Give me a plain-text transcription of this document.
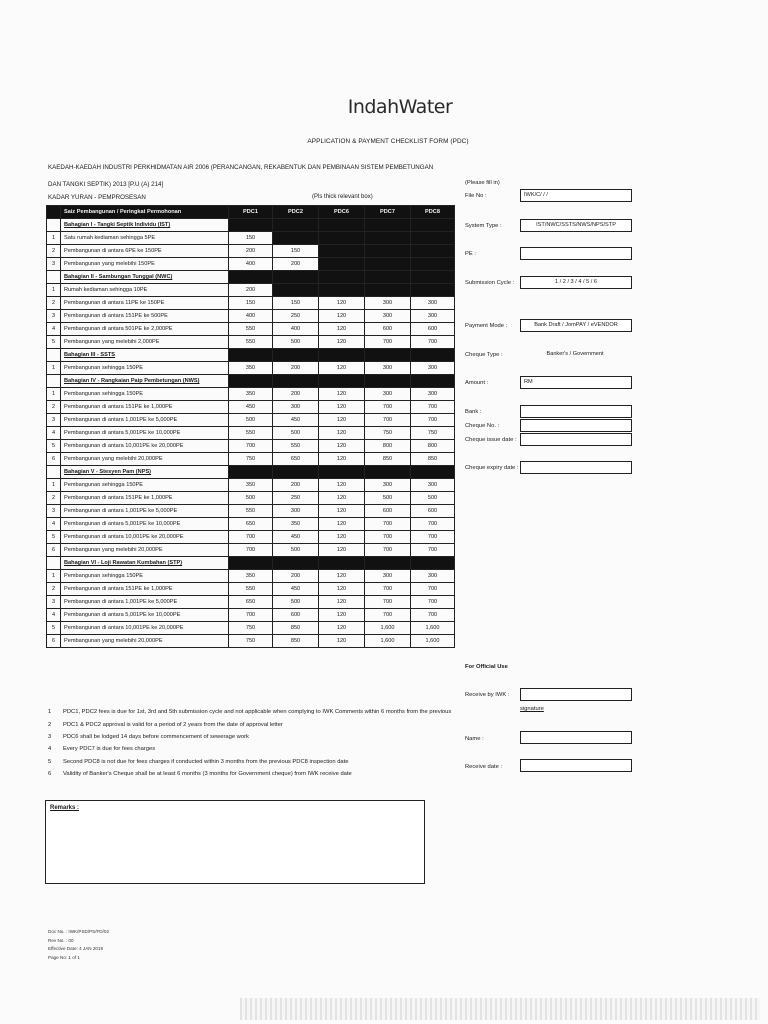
IndahWater
APPLICATION & PAYMENT CHECKLIST FORM (PDC)
KAEDAH-KAEDAH INDUSTRI PERKHIDMATAN AIR 2006 (PERANCANGAN, REKABENTUK DAN PEMBINAAN SISTEM PEMBETUNGAN
DAN TANGKI SEPTIK) 2013 [P.U (A) 214]
KADAR YURAN - PEMPROSESAN	(Pls thick relevant box)
	Saiz Pembangunan / Peringkat Permohonan	PDC1	PDC2	PDC6	PDC7	PDC8
	Bahagian I - Tangki Septik Individu (IST)					
1	Satu rumah kediaman sehingga 5PE	150				
2	Pembangunan di antara 6PE ke 150PE	200	150			
3	Pembangunan yang melebihi 150PE	400	200			
	Bahagian II - Sambungan Tunggal (NWC)					
1	Rumah kediaman sehingga 10PE	200				
2	Pembangunan di antara 11PE ke 150PE	150	150	120	300	300
3	Pembangunan di antara 151PE ke 500PE	400	250	120	300	300
4	Pembangunan di antara 501PE ke 2,000PE	550	400	120	600	600
5	Pembangunan yang melebihi 2,000PE	550	500	120	700	700
	Bahagian III - SSTS					
1	Pembangunan sehingga 150PE	350	200	120	300	300
	Bahagian IV - Rangkaian Paip Pembetungan (NWS)					
1	Pembangunan sehingga 150PE	350	200	120	300	300
2	Pembangunan di antara 151PE ke 1,000PE	450	300	120	700	700
3	Pembangunan di antara 1,001PE ke 5,000PE	500	450	120	700	700
4	Pembangunan di antara 5,001PE ke 10,000PE	550	500	120	750	750
5	Pembangunan di antara 10,001PE ke 20,000PE	700	550	120	800	800
6	Pembangunan yang melebihi 20,000PE	750	650	120	850	850
	Bahagian V - Stesyen Pam (NPS)					
1	Pembangunan sehingga 150PE	350	200	120	300	300
2	Pembangunan di antara 151PE ke 1,000PE	500	250	120	500	500
3	Pembangunan di antara 1,001PE ke 5,000PE	550	300	120	600	600
4	Pembangunan di antara 5,001PE ke 10,000PE	650	350	120	700	700
5	Pembangunan di antara 10,001PE ke 20,000PE	700	450	120	700	700
6	Pembangunan yang melebihi 20,000PE	700	500	120	700	700
	Bahagian VI - Loji Rawatan Kumbahan (STP)					
1	Pembangunan sehingga 150PE	350	200	120	300	300
2	Pembangunan di antara 151PE ke 1,000PE	550	450	120	700	700
3	Pembangunan di antara 1,001PE ke 5,000PE	650	500	120	700	700
4	Pembangunan di antara 5,001PE ke 10,000PE	700	600	120	700	700
5	Pembangunan di antara 10,001PE ke 20,000PE	750	850	120	1,600	1,600
6	Pembangunan yang melebihi 20,000PE	750	850	120	1,600	1,600
(Please fill in)
File No :	IWK/C/ / /
System Type :	IST/NWC/SSTS/NWS/NPS/STP
PE :
Submission Cycle :	1 / 2 / 3 / 4 / 5 / 6
Payment Mode :	Bank Draft / JomPAY / eVENDOR
Cheque Type :	Banker's / Government
Amount :	RM
Bank :
Cheque No. :
Cheque issue date :
Cheque expiry date :
For Official Use
Receive by IWK :
signature
Name :
Receive date :
1	PDC1, PDC2 fees is due for 1st, 3rd and 5th submission cycle and not applicable when complying to IWK Comments within 6 months from the previous
2	PDC1 & PDC2 approval is valid for a period of 2 years from the date of approval letter
3	PDC6 shall be lodged 14 days before commencement of sewerage work
4	Every PDC7 is due for fees charges
5	Second PDC8 is not due for fees charges if conducted within 3 months from the previous PDC8 inspection date
6	Validity of Banker's Cheque shall be at least 6 months (3 months for Government cheque) from IWK receive date
Remarks :
Doc No. : IWK/PSD/PS/FD/02
Rev No. : 00
Effective Date: 4 JAN 2019
Page No: 1 of 1
